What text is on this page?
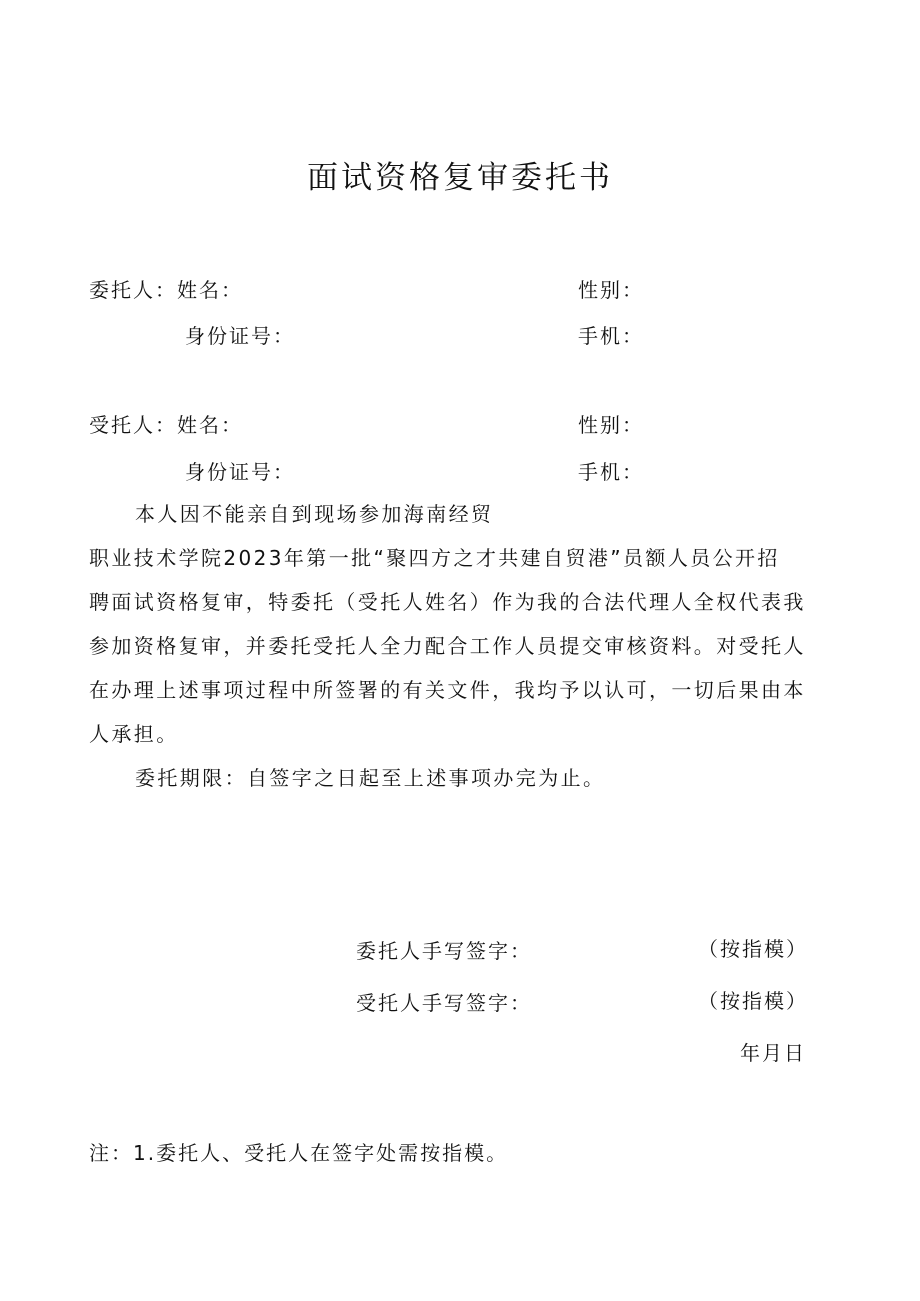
面试资格复审委托书
委托人：姓名：	性别：
身份证号：	手机：
受托人：姓名：	性别：
身份证号：	手机：

本人因不能亲自到现场参加海南经贸

职业技术学院2023年第一批“聚四方之才共建自贸港”员额人员公开招

聘面试资格复审，特委托（受托人姓名）作为我的合法代理人全权代表我

参加资格复审，并委托受托人全力配合工作人员提交审核资料。对受托人

在办理上述事项过程中所签署的有关文件，我均予以认可，一切后果由本

人承担。

委托期限：自签字之日起至上述事项办完为止。

委托人手写签字：	（按指模）
受托人手写签字：	（按指模）
年月日
注：1.委托人、受托人在签字处需按指模。
